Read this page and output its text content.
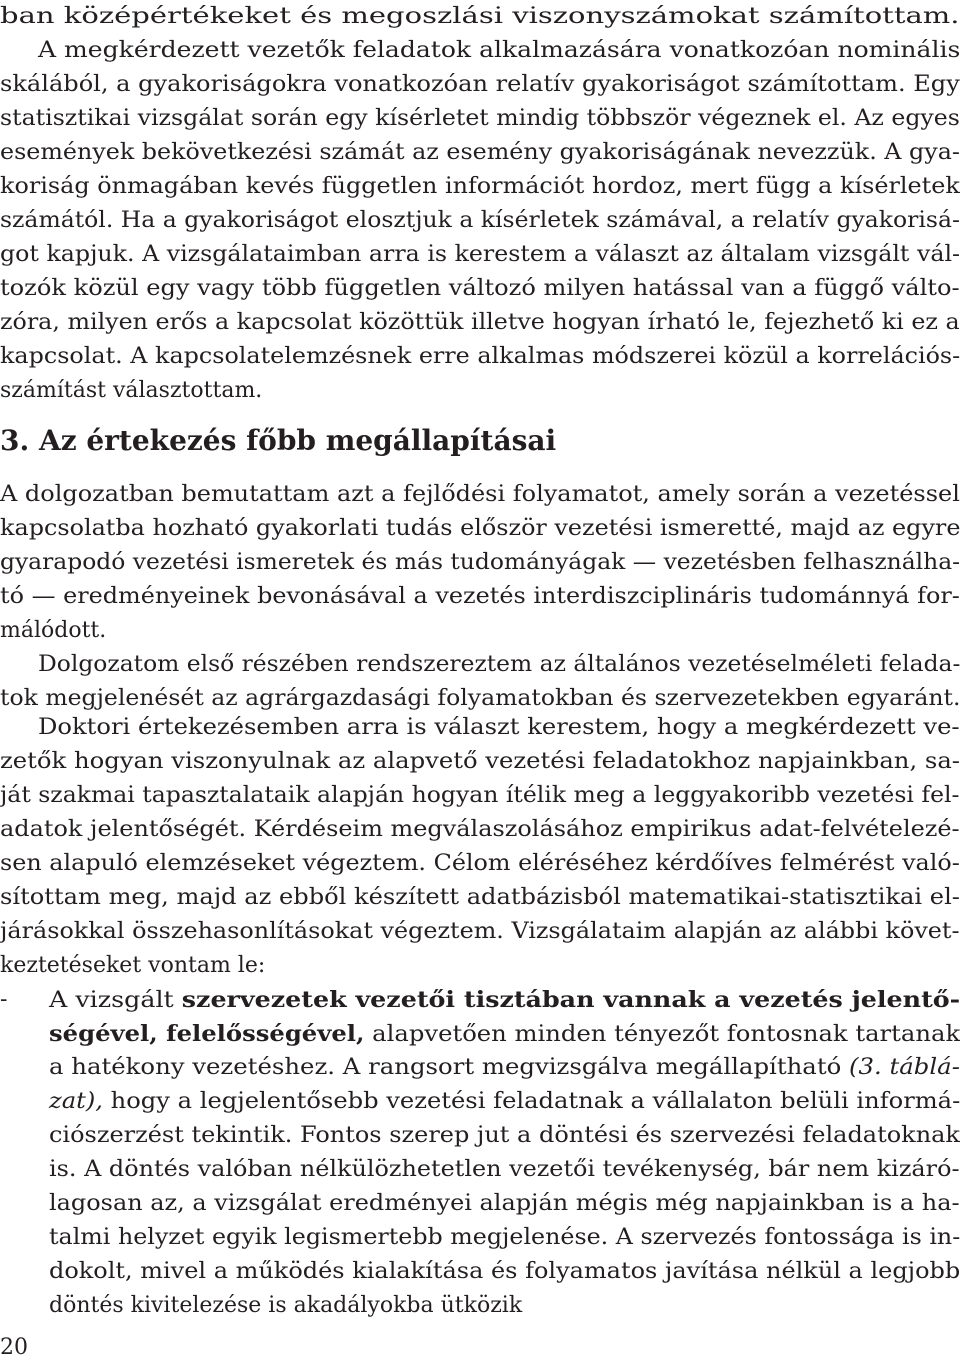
ban középértékeket és megoszlási viszonyszámokat számítottam.
A megkérdezett vezetők feladatok alkalmazására vonatkozóan nominális
skálából, a gyakoriságokra vonatkozóan relatív gyakoriságot számítottam. Egy
statisztikai vizsgálat során egy kísérletet mindig többször végeznek el. Az egyes
események bekövetkezési számát az esemény gyakoriságának nevezzük. A gya-
koriság önmagában kevés független információt hordoz, mert függ a kísérletek
számától. Ha a gyakoriságot elosztjuk a kísérletek számával, a relatív gyakorisá-
got kapjuk. A vizsgálataimban arra is kerestem a választ az általam vizsgált vál-
tozók közül egy vagy több független változó milyen hatással van a függő válto-
zóra, milyen erős a kapcsolat közöttük illetve hogyan írható le, fejezhető ki ez a
kapcsolat. A kapcsolatelemzésnek erre alkalmas módszerei közül a korrelációs-
számítást választottam.
3. Az értekezés főbb megállapításai
A dolgozatban bemutattam azt a fejlődési folyamatot, amely során a vezetéssel
kapcsolatba hozható gyakorlati tudás először vezetési ismeretté, majd az egyre
gyarapodó vezetési ismeretek és más tudományágak — vezetésben felhasználha-
tó — eredményeinek bevonásával a vezetés interdiszciplináris tudománnyá for-
málódott.
Dolgozatom első részében rendszereztem az általános vezetéselméleti felada-
tok megjelenését az agrárgazdasági folyamatokban és szervezetekben egyaránt.
Doktori értekezésemben arra is választ kerestem, hogy a megkérdezett ve-
zetők hogyan viszonyulnak az alapvető vezetési feladatokhoz napjainkban, sa-
ját szakmai tapasztalataik alapján hogyan ítélik meg a leggyakoribb vezetési fel-
adatok jelentőségét. Kérdéseim megválaszolásához empirikus adat-felvételezé-
sen alapuló elemzéseket végeztem. Célom eléréséhez kérdőíves felmérést való-
sítottam meg, majd az ebből készített adatbázisból matematikai-statisztikai el-
járásokkal összehasonlításokat végeztem. Vizsgálataim alapján az alábbi követ-
keztetéseket vontam le:
- A vizsgált szervezetek vezetői tisztában vannak a vezetés jelentő-
ségével, felelősségével, alapvetően minden tényezőt fontosnak tartanak
a hatékony vezetéshez. A rangsort megvizsgálva megállapítható (3. táblá-
zat), hogy a legjelentősebb vezetési feladatnak a vállalaton belüli informá-
ciószerzést tekintik. Fontos szerep jut a döntési és szervezési feladatoknak
is. A döntés valóban nélkülözhetetlen vezetői tevékenység, bár nem kizáró-
lagosan az, a vizsgálat eredményei alapján mégis még napjainkban is a ha-
talmi helyzet egyik legismertebb megjelenése. A szervezés fontossága is in-
dokolt, mivel a működés kialakítása és folyamatos javítása nélkül a legjobb
döntés kivitelezése is akadályokba ütközik
20
